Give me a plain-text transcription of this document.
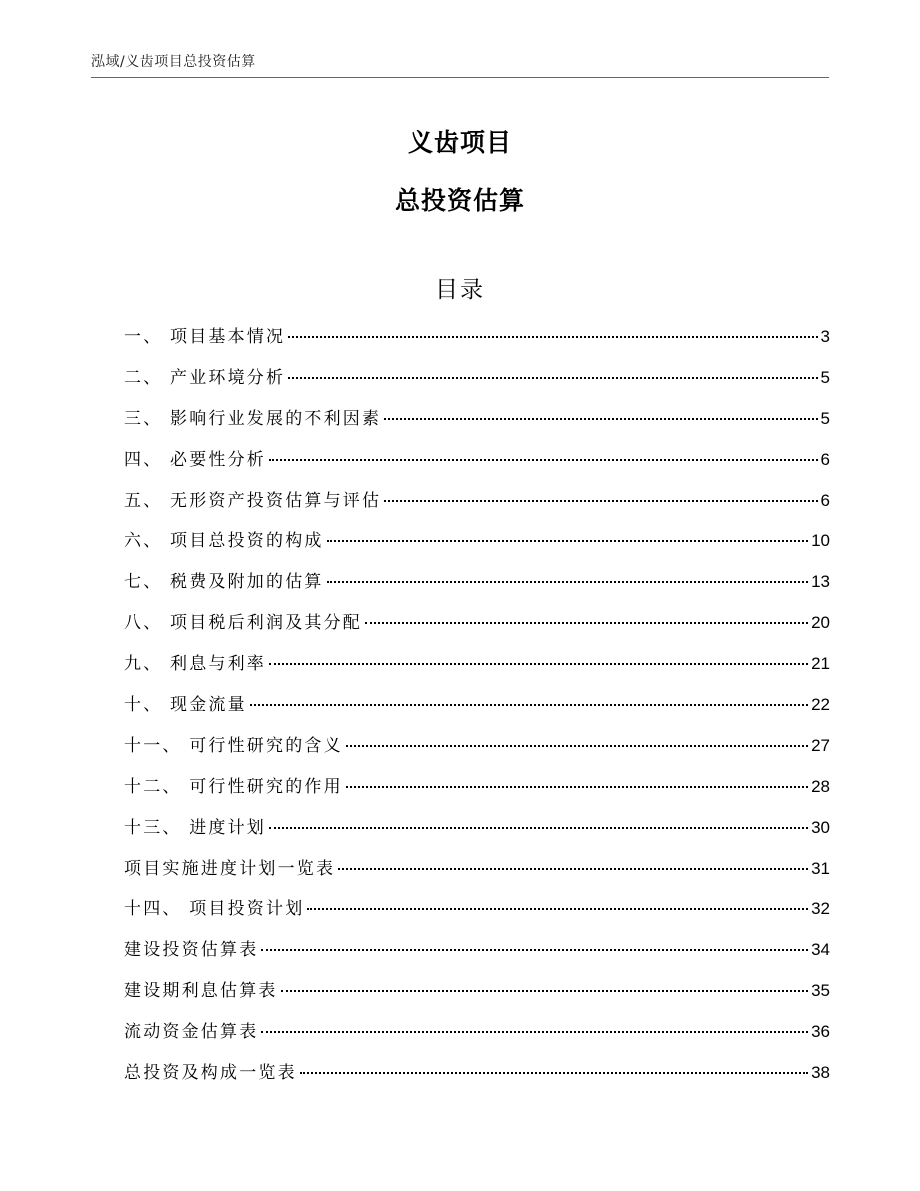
泓域/义齿项目总投资估算
义齿项目
总投资估算
目录
一、 项目基本情况	3
二、 产业环境分析	5
三、 影响行业发展的不利因素	5
四、 必要性分析	6
五、 无形资产投资估算与评估	6
六、 项目总投资的构成	10
七、 税费及附加的估算	13
八、 项目税后利润及其分配	20
九、 利息与利率	21
十、 现金流量	22
十一、 可行性研究的含义	27
十二、 可行性研究的作用	28
十三、 进度计划	30
项目实施进度计划一览表	31
十四、 项目投资计划	32
建设投资估算表	34
建设期利息估算表	35
流动资金估算表	36
总投资及构成一览表	38
